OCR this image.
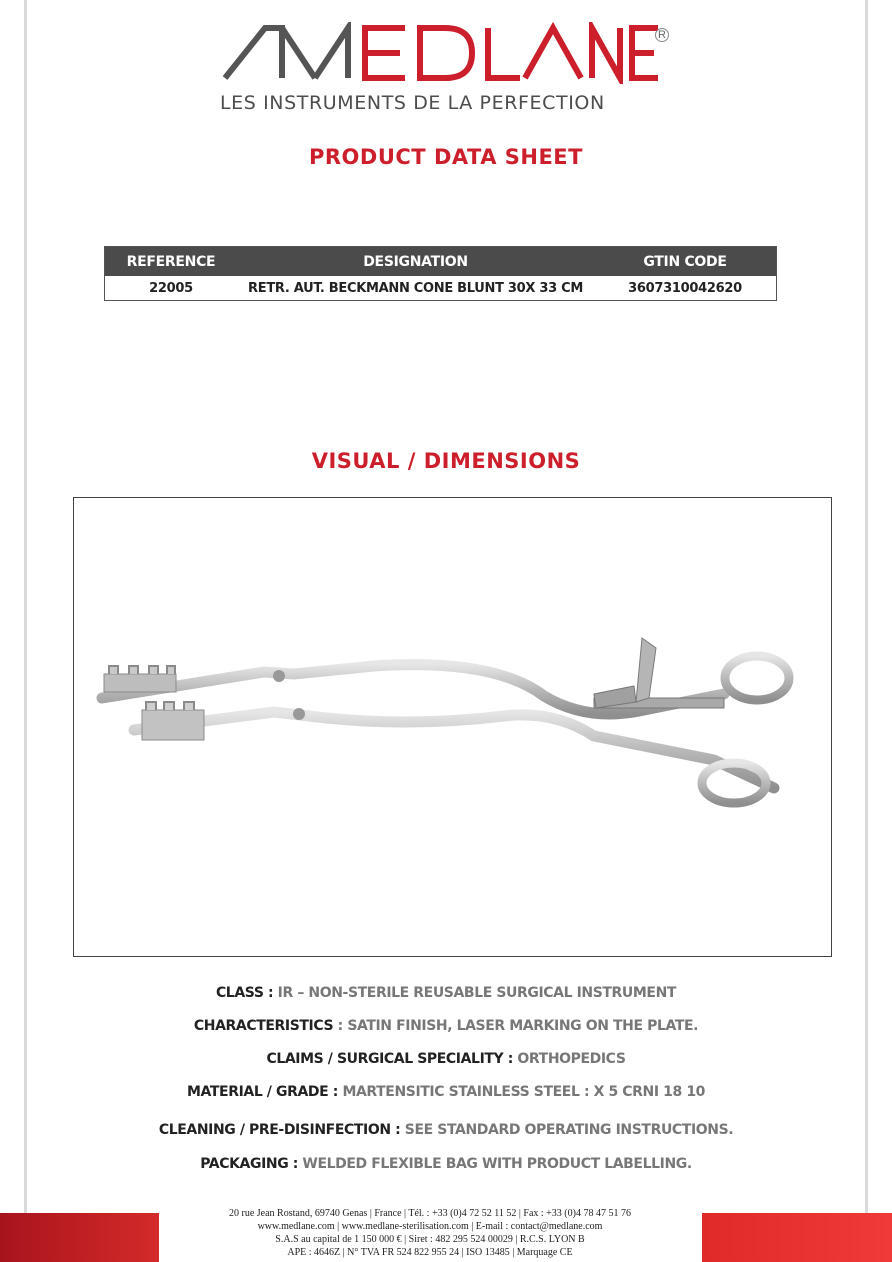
R
LES INSTRUMENTS DE LA PERFECTION
PRODUCT DATA SHEET
REFERENCE	DESIGNATION	GTIN CODE
22005	RETR. AUT. BECKMANN CONE BLUNT 30X 33 CM	3607310042620
VISUAL / DIMENSIONS
CLASS : IR – NON-STERILE REUSABLE SURGICAL INSTRUMENT
CHARACTERISTICS : SATIN FINISH, LASER MARKING ON THE PLATE.
CLAIMS / SURGICAL SPECIALITY : ORTHOPEDICS
MATERIAL / GRADE : MARTENSITIC STAINLESS STEEL : X 5 CRNI 18 10
CLEANING / PRE-DISINFECTION : SEE STANDARD OPERATING INSTRUCTIONS.
PACKAGING : WELDED FLEXIBLE BAG WITH PRODUCT LABELLING.
20 rue Jean Rostand, 69740 Genas | France | Tél. : +33 (0)4 72 52 11 52 | Fax : +33 (0)4 78 47 51 76
www.medlane.com | www.medlane-sterilisation.com | E-mail : contact@medlane.com
S.A.S au capital de 1 150 000 € | Siret : 482 295 524 00029 | R.C.S. LYON B
APE : 4646Z | N° TVA FR 524 822 955 24 | ISO 13485 | Marquage CE
